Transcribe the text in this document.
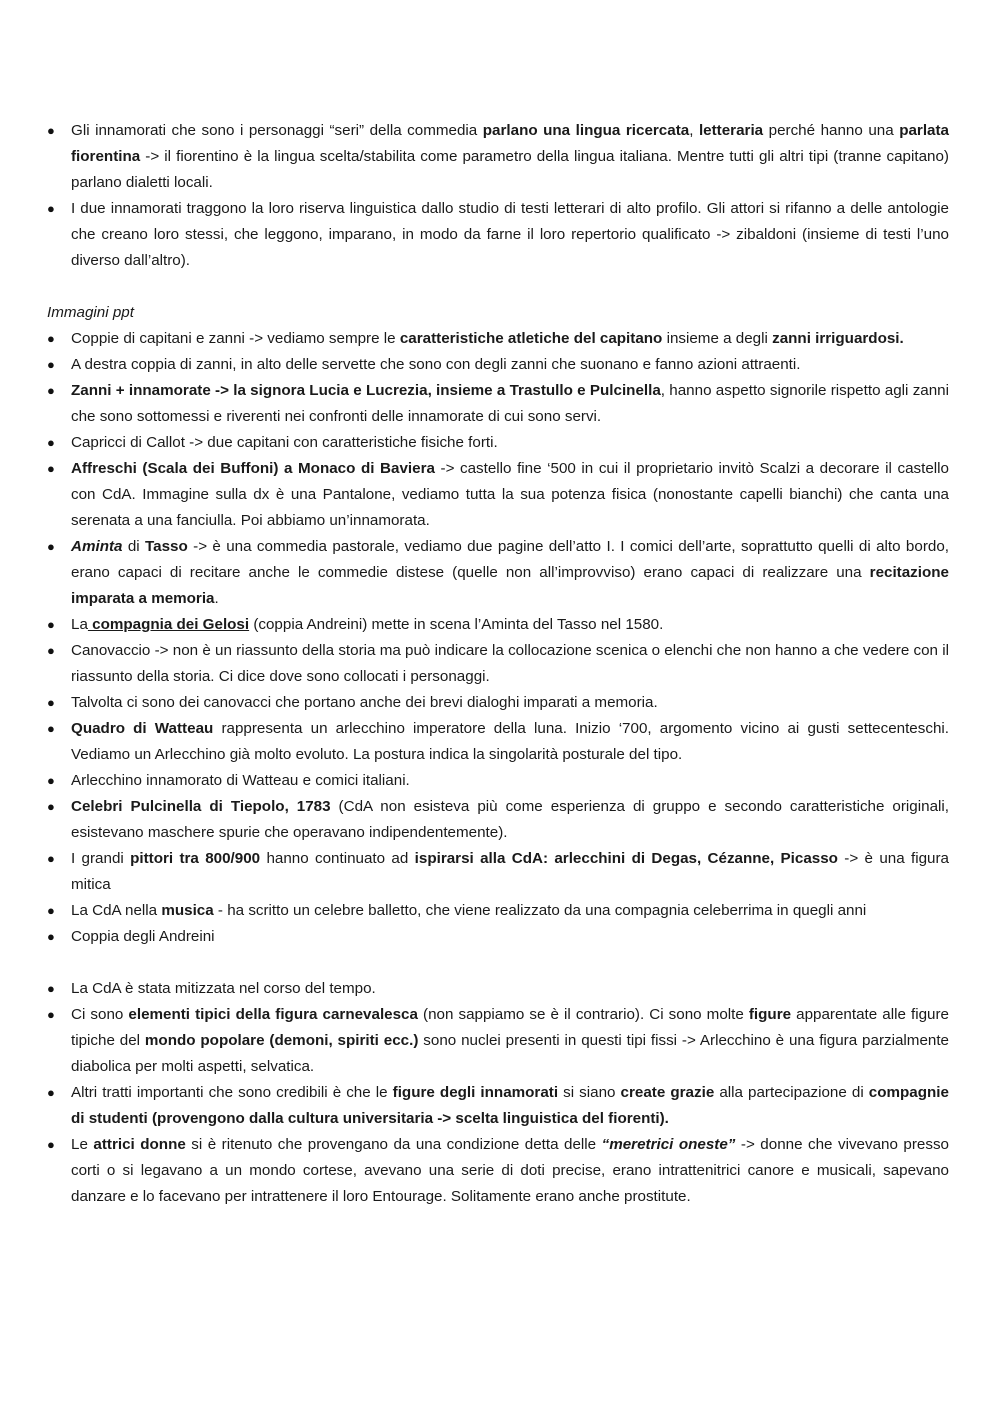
● Gli innamorati che sono i personaggi “seri” della commedia parlano una lingua ricercata, letteraria perché hanno una parlata fiorentina -> il fiorentino è la lingua scelta/stabilita come parametro della lingua italiana. Mentre tutti gli altri tipi (tranne capitano) parlano dialetti locali.
● I due innamorati traggono la loro riserva linguistica dallo studio di testi letterari di alto profilo. Gli attori si rifanno a delle antologie che creano loro stessi, che leggono, imparano, in modo da farne il loro repertorio qualificato -> zibaldoni (insieme di testi l’uno diverso dall’altro).

Immagini ppt

● Coppie di capitani e zanni -> vediamo sempre le caratteristiche atletiche del capitano insieme a degli zanni irriguardosi.
● A destra coppia di zanni, in alto delle servette che sono con degli zanni che suonano e fanno azioni attraenti.
● Zanni + innamorate -> la signora Lucia e Lucrezia, insieme a Trastullo e Pulcinella, hanno aspetto signorile rispetto agli zanni che sono sottomessi e riverenti nei confronti delle innamorate di cui sono servi.
● Capricci di Callot -> due capitani con caratteristiche fisiche forti.
● Affreschi (Scala dei Buffoni) a Monaco di Baviera -> castello fine ‘500 in cui il proprietario invitò Scalzi a decorare il castello con CdA. Immagine sulla dx è una Pantalone, vediamo tutta la sua potenza fisica (nonostante capelli bianchi) che canta una serenata a una fanciulla. Poi abbiamo un’innamorata.
● Aminta di Tasso -> è una commedia pastorale, vediamo due pagine dell’atto I. I comici dell’arte, soprattutto quelli di alto bordo, erano capaci di recitare anche le commedie distese (quelle non all’improvviso) erano capaci di realizzare una recitazione imparata a memoria.
● La compagnia dei Gelosi (coppia Andreini) mette in scena l’Aminta del Tasso nel 1580.
● Canovaccio -> non è un riassunto della storia ma può indicare la collocazione scenica o elenchi che non hanno a che vedere con il riassunto della storia. Ci dice dove sono collocati i personaggi.
● Talvolta ci sono dei canovacci che portano anche dei brevi dialoghi imparati a memoria.
● Quadro di Watteau rappresenta un arlecchino imperatore della luna. Inizio ‘700, argomento vicino ai gusti settecenteschi. Vediamo un Arlecchino già molto evoluto. La postura indica la singolarità posturale del tipo.
● Arlecchino innamorato di Watteau e comici italiani.
● Celebri Pulcinella di Tiepolo, 1783 (CdA non esisteva più come esperienza di gruppo e secondo caratteristiche originali, esistevano maschere spurie che operavano indipendentemente).
● I grandi pittori tra 800/900 hanno continuato ad ispirarsi alla CdA: arlecchini di Degas, Cézanne, Picasso -> è una figura mitica
● La CdA nella musica - ha scritto un celebre balletto, che viene realizzato da una compagnia celeberrima in quegli anni
● Coppia degli Andreini
● La CdA è stata mitizzata nel corso del tempo.
● Ci sono elementi tipici della figura carnevalesca (non sappiamo se è il contrario). Ci sono molte figure apparentate alle figure tipiche del mondo popolare (demoni, spiriti ecc.) sono nuclei presenti in questi tipi fissi -> Arlecchino è una figura parzialmente diabolica per molti aspetti, selvatica.
● Altri tratti importanti che sono credibili è che le figure degli innamorati si siano create grazie alla partecipazione di compagnie di studenti (provengono dalla cultura universitaria -> scelta linguistica del fiorenti).
● Le attrici donne si è ritenuto che provengano da una condizione detta delle “meretrici oneste” -> donne che vivevano presso corti o si legavano a un mondo cortese, avevano una serie di doti precise, erano intrattenitrici canore e musicali, sapevano danzare e lo facevano per intrattenere il loro Entourage. Solitamente erano anche prostitute.
